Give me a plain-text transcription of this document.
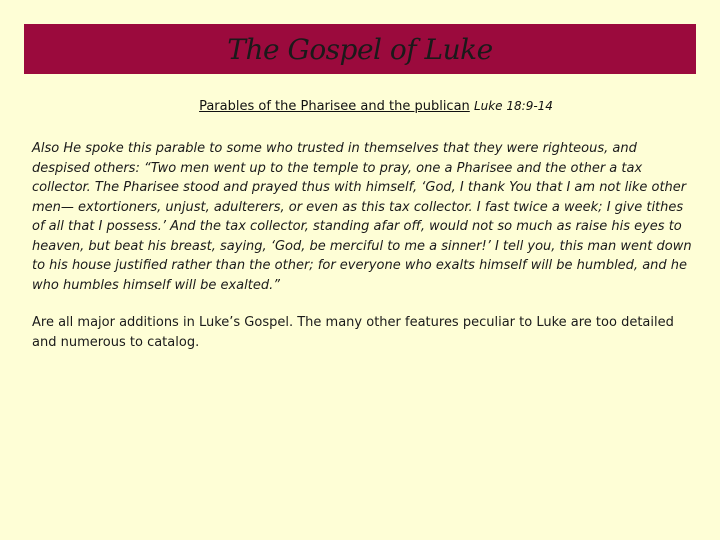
The Gospel of Luke
Parables of the Pharisee and the publican Luke 18:9-14

Also He spoke this parable to some who trusted in themselves that they were righteous, and despised others: “Two men went up to the temple to pray, one a Pharisee and the other a tax collector. The Pharisee stood and prayed thus with himself, ‘God, I thank You that I am not like other men— extortioners, unjust, adulterers, or even as this tax collector. I fast twice a week; I give tithes of all that I possess.’ And the tax collector, standing afar off, would not so much as raise his eyes to heaven, but beat his breast, saying, ‘God, be merciful to me a sinner!’ I tell you, this man went down to his house justified rather than the other; for everyone who exalts himself will be humbled, and he who humbles himself will be exalted.”

Are all major additions in Luke’s Gospel. The many other features peculiar to Luke are too detailed and numerous to catalog.
